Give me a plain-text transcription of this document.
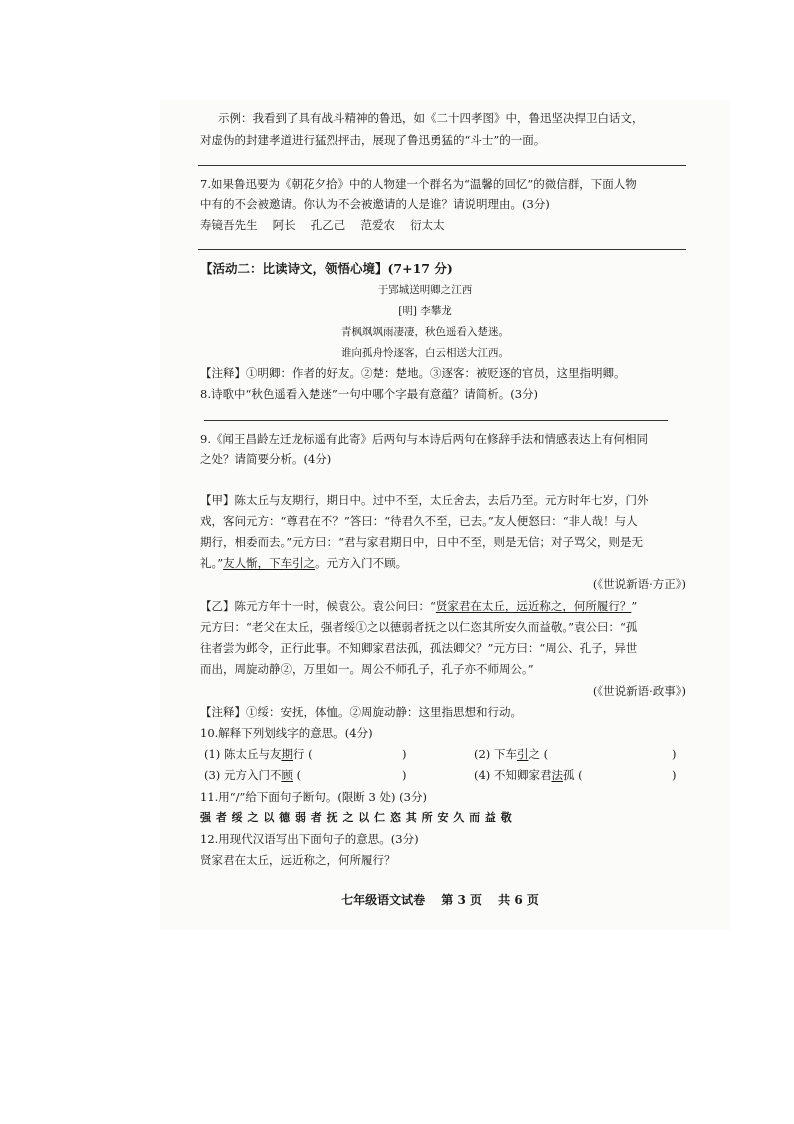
示例：我看到了具有战斗精神的鲁迅，如《二十四孝图》中，鲁迅坚决捍卫白话文，
对虚伪的封建孝道进行猛烈抨击，展现了鲁迅勇猛的“斗士”的一面。
7.如果鲁迅要为《朝花夕拾》中的人物建一个群名为“温馨的回忆”的微信群，下面人物
中有的不会被邀请。你认为不会被邀请的人是谁？请说明理由。(3分)
寿镜吾先生　 阿长　 孔乙己　 范爱农　 衍太太
【活动二：比读诗文，领悟心境】(7+17 分)
于郢城送明卿之江西
[明] 李攀龙
青枫飒飒雨凄凄，秋色遥看入楚迷。
谁向孤舟怜逐客，白云相送大江西。
【注释】①明卿：作者的好友。②楚：楚地。③逐客：被贬逐的官员，这里指明卿。
8.诗歌中“秋色遥看入楚迷”一句中哪个字最有意蕴？请简析。(3分)
9.《闻王昌龄左迁龙标遥有此寄》后两句与本诗后两句在修辞手法和情感表达上有何相同
之处？请简要分析。(4分)
【甲】陈太丘与友期行，期日中。过中不至，太丘舍去，去后乃至。元方时年七岁，门外
戏，客问元方：“尊君在不？”答曰：“待君久不至，已去。”友人便怒曰：“非人哉！与人
期行，相委而去。”元方曰：“君与家君期日中，日中不至，则是无信；对子骂父，则是无
礼。”友人惭，下车引之。元方入门不顾。
(《世说新语·方正》)
【乙】陈元方年十一时，候袁公。袁公问曰：“贤家君在太丘，远近称之，何所履行？”
元方曰：“老父在太丘，强者绥①之以德弱者抚之以仁恣其所安久而益敬。”袁公曰：“孤
往者尝为邺令，正行此事。不知卿家君法孤，孤法卿父？”元方曰：“周公、孔子，异世
而出，周旋动静②，万里如一。周公不师孔子，孔子亦不师周公。”
(《世说新语·政事》)
【注释】①绥：安抚，体恤。②周旋动静：这里指思想和行动。
10.解释下列划线字的意思。(4分)
(1) 陈太丘与友期行 (	)	(2) 下车引之 (	)
(3) 元方入门不顾 (	)	(4) 不知卿家君法孤 (	)
11.用“/”给下面句子断句。(限断 3 处) (3分)
强 者 绥 之 以 德 弱 者 抚 之 以 仁 恣 其 所 安 久 而 益 敬
12.用现代汉语写出下面句子的意思。(3分)
贤家君在太丘，远近称之，何所履行？
七年级语文试卷　 第 3 页　 共 6 页
